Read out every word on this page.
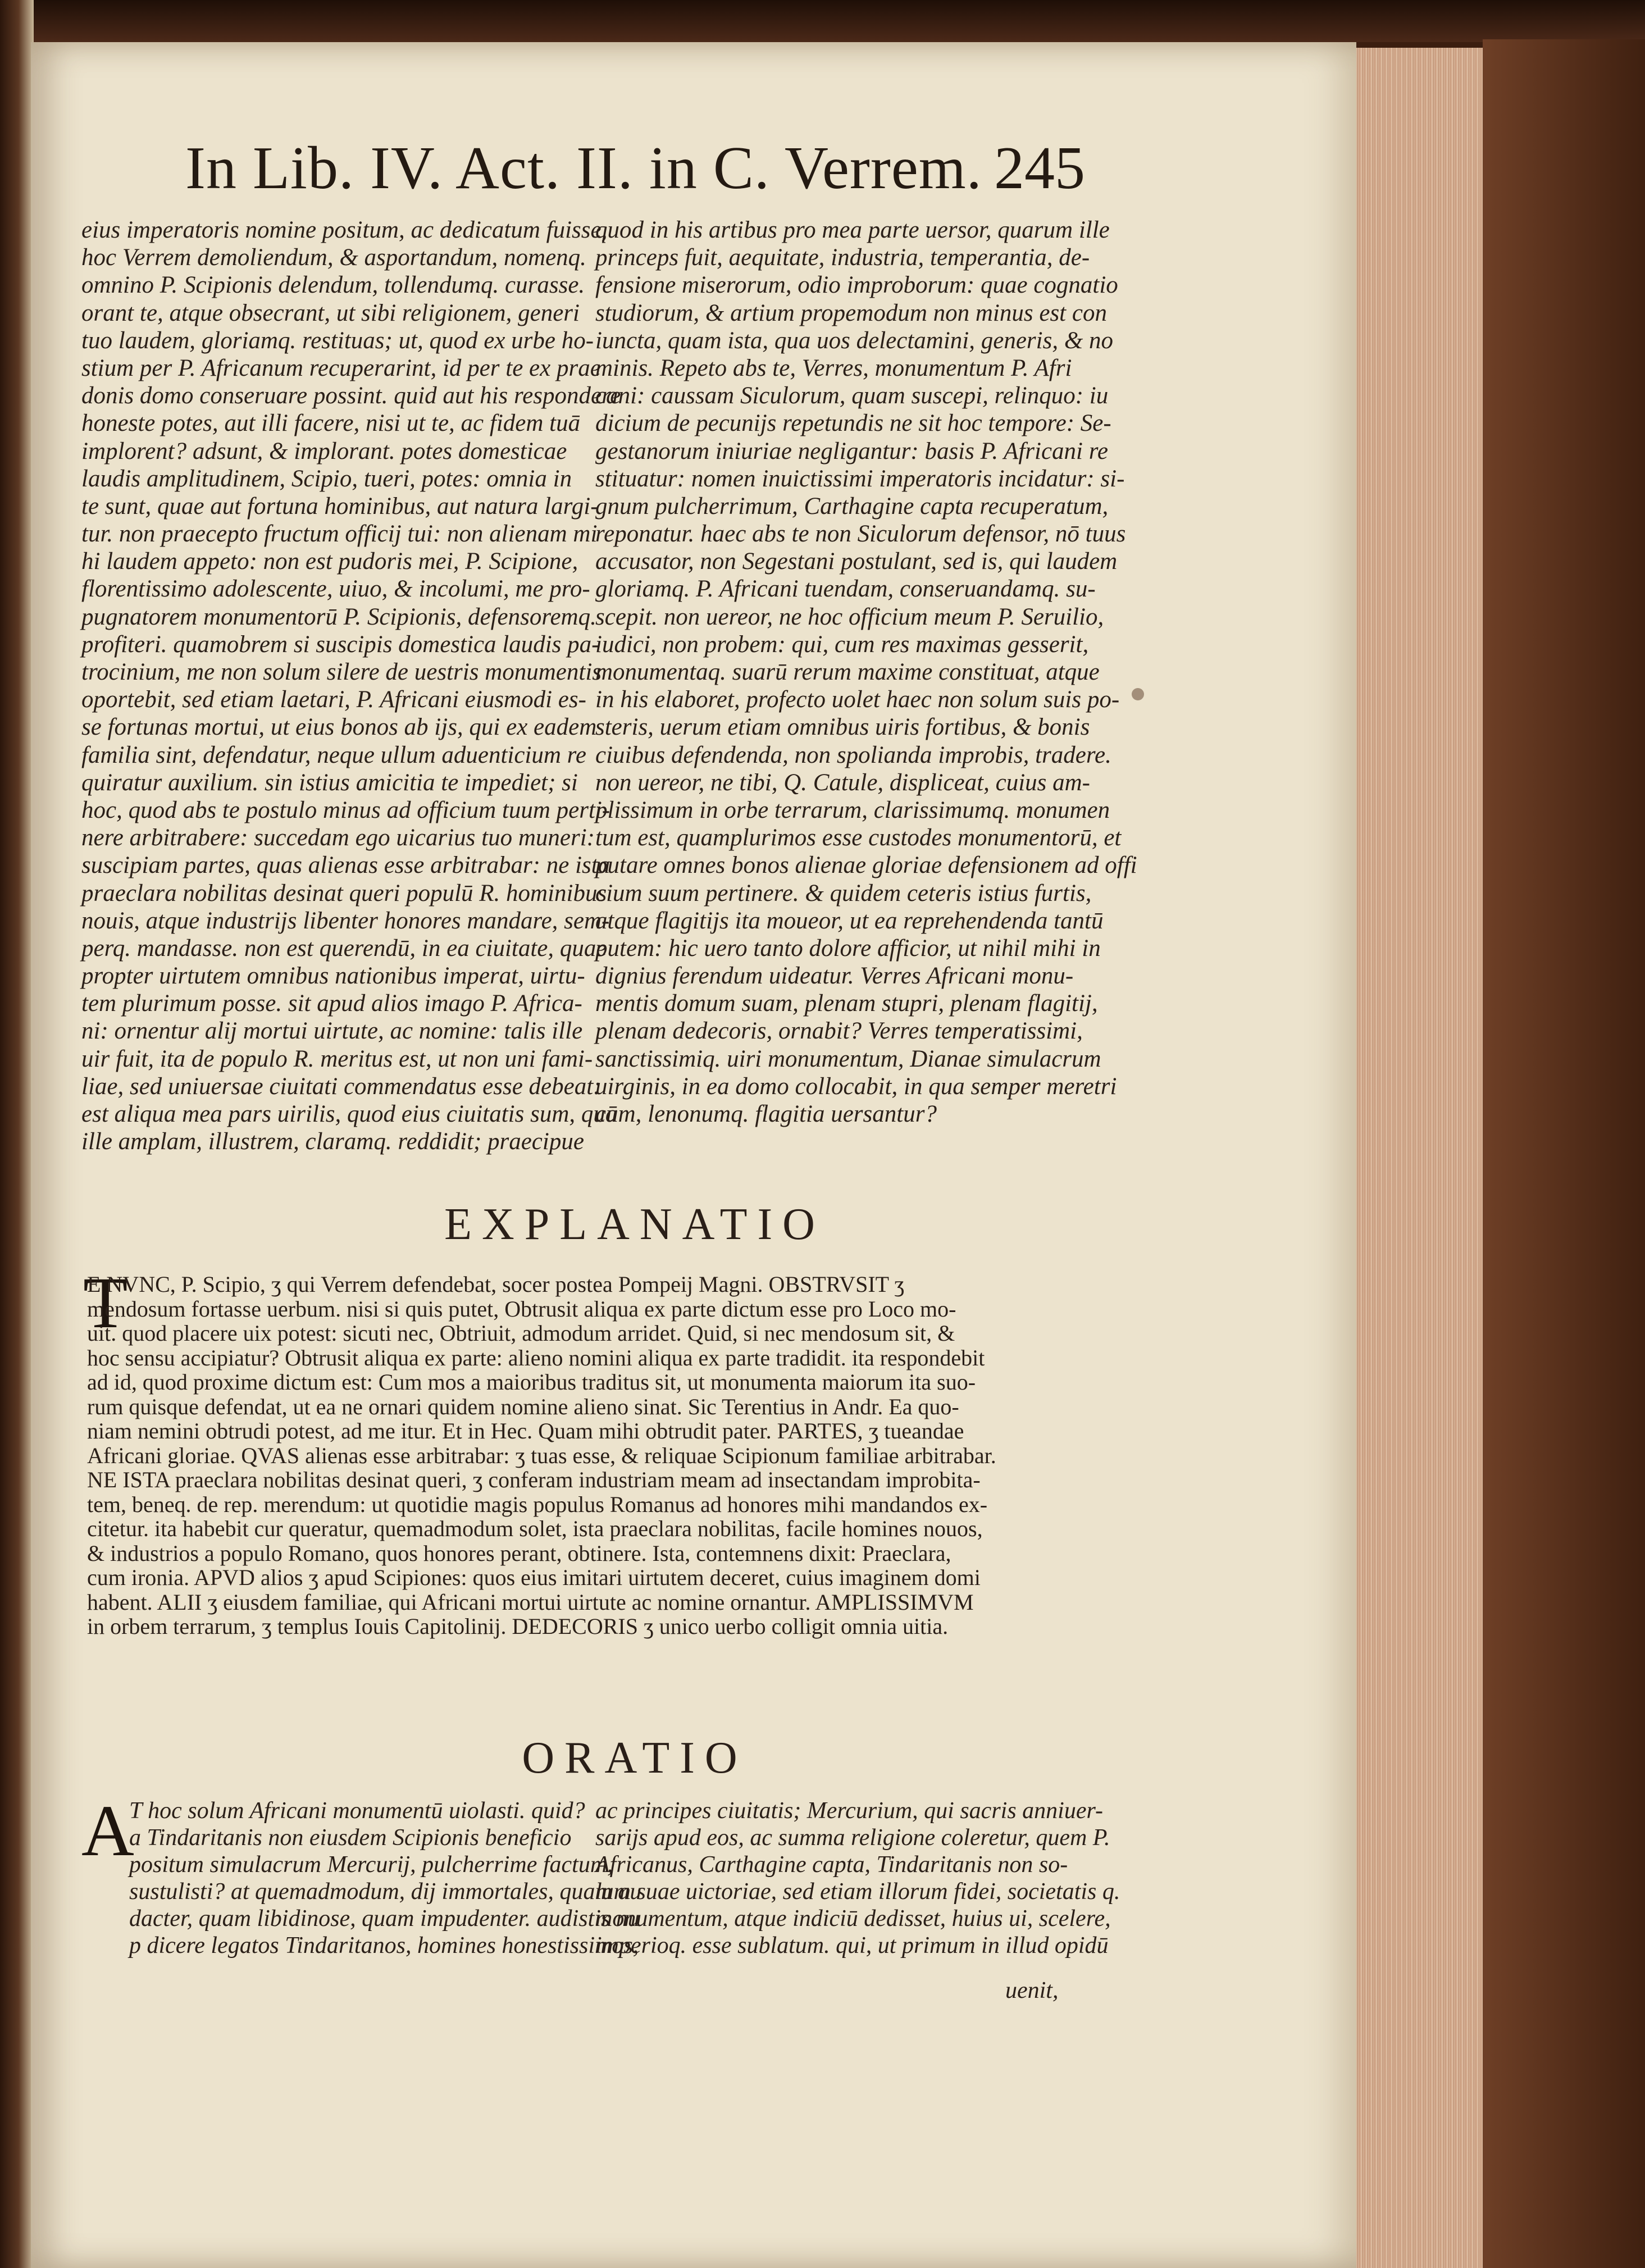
In Lib. IV. Act. II. in C. Verrem. 245
eius imperatoris nomine positum, ac dedicatum fuisse,
hoc Verrem demoliendum, & asportandum, nomenq.
omnino P. Scipionis delendum, tollendumq. curasse.
orant te, atque obsecrant, ut sibi religionem, generi
tuo laudem, gloriamq. restituas; ut, quod ex urbe ho-
stium per P. Africanum recuperarint, id per te ex prae
donis domo conseruare possint. quid aut his respondere
honeste potes, aut illi facere, nisi ut te, ac fidem tuā
implorent? adsunt, & implorant. potes domesticae
laudis amplitudinem, Scipio, tueri, potes: omnia in
te sunt, quae aut fortuna hominibus, aut natura largi-
tur. non praecepto fructum officij tui: non alienam mi
hi laudem appeto: non est pudoris mei, P. Scipione,
florentissimo adolescente, uiuo, & incolumi, me pro-
pugnatorem monumentorū P. Scipionis, defensoremq.
profiteri. quamobrem si suscipis domestica laudis pa-
trocinium, me non solum silere de uestris monumentis
oportebit, sed etiam laetari, P. Africani eiusmodi es-
se fortunas mortui, ut eius bonos ab ijs, qui ex eadem
familia sint, defendatur, neque ullum aduenticium re
quiratur auxilium. sin istius amicitia te impediet; si
hoc, quod abs te postulo minus ad officium tuum perti-
nere arbitrabere: succedam ego uicarius tuo muneri:
suscipiam partes, quas alienas esse arbitrabar: ne ista
praeclara nobilitas desinat queri populū R. hominibus
nouis, atque industrijs libenter honores mandare, sem-
perq. mandasse. non est querendū, in ea ciuitate, quae
propter uirtutem omnibus nationibus imperat, uirtu-
tem plurimum posse. sit apud alios imago P. Africa-
ni: ornentur alij mortui uirtute, ac nomine: talis ille
uir fuit, ita de populo R. meritus est, ut non uni fami-
liae, sed uniuersae ciuitati commendatus esse debeat:
est aliqua mea pars uirilis, quod eius ciuitatis sum, quā
ille amplam, illustrem, claramq. reddidit; praecipue
quod in his artibus pro mea parte uersor, quarum ille
princeps fuit, aequitate, industria, temperantia, de-
fensione miserorum, odio improborum: quae cognatio
studiorum, & artium propemodum non minus est con
iuncta, quam ista, qua uos delectamini, generis, & no
minis. Repeto abs te, Verres, monumentum P. Afri
cani: caussam Siculorum, quam suscepi, relinquo: iu
dicium de pecunijs repetundis ne sit hoc tempore: Se-
gestanorum iniuriae negligantur: basis P. Africani re
stituatur: nomen inuictissimi imperatoris incidatur: si-
gnum pulcherrimum, Carthagine capta recuperatum,
reponatur. haec abs te non Siculorum defensor, nō tuus
accusator, non Segestani postulant, sed is, qui laudem
gloriamq. P. Africani tuendam, conseruandamq. su-
scepit. non uereor, ne hoc officium meum P. Seruilio,
iudici, non probem: qui, cum res maximas gesserit,
monumentaq. suarū rerum maxime constituat, atque
in his elaboret, profecto uolet haec non solum suis po-
steris, uerum etiam omnibus uiris fortibus, & bonis
ciuibus defendenda, non spolianda improbis, tradere.
non uereor, ne tibi, Q. Catule, displiceat, cuius am-
plissimum in orbe terrarum, clarissimumq. monumen
tum est, quamplurimos esse custodes monumentorū, et
putare omnes bonos alienae gloriae defensionem ad offi
cium suum pertinere. & quidem ceteris istius furtis,
atque flagitijs ita moueor, ut ea reprehendenda tantū
putem: hic uero tanto dolore afficior, ut nihil mihi in
dignius ferendum uideatur. Verres Africani monu-
mentis domum suam, plenam stupri, plenam flagitij,
plenam dedecoris, ornabit? Verres temperatissimi,
sanctissimiq. uiri monumentum, Dianae simulacrum
uirginis, in ea domo collocabit, in qua semper meretri
cum, lenonumq. flagitia uersantur?
EXPLANATIO
T
E NVNC, P. Scipio, ʒ qui Verrem defendebat, socer postea Pompeij Magni. OBSTRVSIT ʒ
mendosum fortasse uerbum. nisi si quis putet, Obtrusit aliqua ex parte dictum esse pro Loco mo-
uit. quod placere uix potest: sicuti nec, Obtriuit, admodum arridet. Quid, si nec mendosum sit, &
hoc sensu accipiatur? Obtrusit aliqua ex parte: alieno nomini aliqua ex parte tradidit. ita respondebit
ad id, quod proxime dictum est: Cum mos a maioribus traditus sit, ut monumenta maiorum ita suo-
rum quisque defendat, ut ea ne ornari quidem nomine alieno sinat. Sic Terentius in Andr. Ea quo-
niam nemini obtrudi potest, ad me itur. Et in Hec. Quam mihi obtrudit pater. PARTES, ʒ tueandae
Africani gloriae. QVAS alienas esse arbitrabar: ʒ tuas esse, & reliquae Scipionum familiae arbitrabar.
NE ISTA praeclara nobilitas desinat queri, ʒ conferam industriam meam ad insectandam improbita-
tem, beneq. de rep. merendum: ut quotidie magis populus Romanus ad honores mihi mandandos ex-
citetur. ita habebit cur queratur, quemadmodum solet, ista praeclara nobilitas, facile homines nouos,
& industrios a populo Romano, quos honores perant, obtinere. Ista, contemnens dixit: Praeclara,
cum ironia. APVD alios ʒ apud Scipiones: quos eius imitari uirtutem deceret, cuius imaginem domi
habent. ALII ʒ eiusdem familiae, qui Africani mortui uirtute ac nomine ornantur. AMPLISSIMVM
in orbem terrarum, ʒ templus Iouis Capitolinij. DEDECORIS ʒ unico uerbo colligit omnia uitia.
ORATIO
A
T hoc solum Africani monumentū uiolasti. quid?
a Tindaritanis non eiusdem Scipionis beneficio
positum simulacrum Mercurij, pulcherrime factum,
sustulisti? at quemadmodum, dij immortales, quam au
dacter, quam libidinose, quam impudenter. audistis nu
p dicere legatos Tindaritanos, homines honestissimos,
ac principes ciuitatis; Mercurium, qui sacris anniuer-
sarijs apud eos, ac summa religione coleretur, quem P.
Africanus, Carthagine capta, Tindaritanis non so-
lum suae uictoriae, sed etiam illorum fidei, societatis q.
monumentum, atque indiciū dedisset, huius ui, scelere,
imperioq. esse sublatum. qui, ut primum in illud opidū
uenit,
